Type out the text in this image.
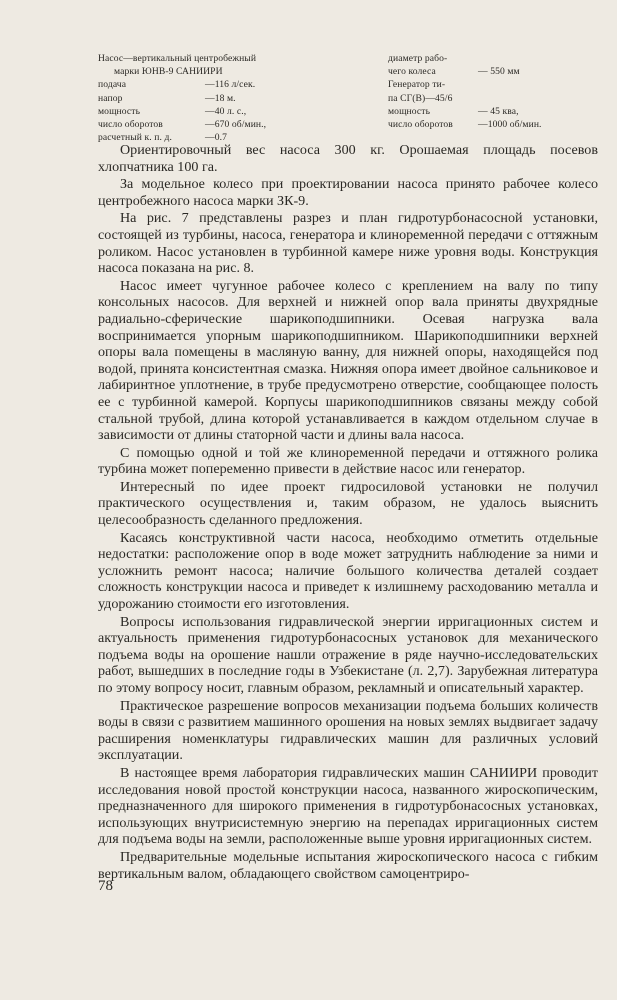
Насос—вертикальный центробежный
марки ЮНВ-9 САНИИРИ
подача	—116 л/сек.
напор	—18 м.
мощность	—40 л. с.,
число оборотов	—670 об/мин.,
расчетный к. п. д.	—0.7
диаметр рабо-
чего колеса	— 550 мм
Генератор ти-
па СГ(В)—45/6
мощность	— 45 ква,
число оборотов	—1000 об/мин.

Ориентировочный вес насоса 300 кг. Орошаемая площадь посевов хлопчатника 100 га.

За модельное колесо при проектировании насоса принято рабочее колесо центробежного насоса марки ЗК-9.

На рис. 7 представлены разрез и план гидротурбонасосной установки, состоящей из турбины, насоса, генератора и клиноременной передачи с оттяжным роликом. Насос установлен в турбинной камере ниже уровня воды. Конструкция насоса показана на рис. 8.

Насос имеет чугунное рабочее колесо с креплением на валу по типу консольных насосов. Для верхней и нижней опор вала приняты двухрядные радиально-сферические шарикоподшипники. Осевая нагрузка вала воспринимается упорным шарикоподшипником. Шарикоподшипники верхней опоры вала помещены в масляную ванну, для нижней опоры, находящейся под водой, принята консистентная смазка. Нижняя опора имеет двойное сальниковое и лабиринтное уплотнение, в трубе предусмотрено отверстие, сообщающее полость ее с турбинной камерой. Корпусы шарикоподшипников связаны между собой стальной трубой, длина которой устанавливается в каждом отдельном случае в зависимости от длины статорной части и длины вала насоса.

С помощью одной и той же клиноременной передачи и оттяжного ролика турбина может попеременно привести в действие насос или генератор.

Интересный по идее проект гидросиловой установки не получил практического осуществления и, таким образом, не удалось выяснить целесообразность сделанного предложения.

Касаясь конструктивной части насоса, необходимо отметить отдельные недостатки: расположение опор в воде может затруднить наблюдение за ними и усложнить ремонт насоса; наличие большого количества деталей создает сложность конструкции насоса и приведет к излишнему расходованию металла и удорожанию стоимости его изготовления.

Вопросы использования гидравлической энергии ирригационных систем и актуальность применения гидротурбонасосных установок для механического подъема воды на орошение нашли отражение в ряде научно-исследовательских работ, вышедших в последние годы в Узбекистане (л. 2,7). Зарубежная литература по этому вопросу носит, главным образом, рекламный и описательный характер.

Практическое разрешение вопросов механизации подъема больших количеств воды в связи с развитием машинного орошения на новых землях выдвигает задачу расширения номенклатуры гидравлических машин для различных условий эксплуатации.

В настоящее время лаборатория гидравлических машин САНИИРИ проводит исследования новой простой конструкции насоса, названного жироскопическим, предназначенного для широкого применения в гидротурбонасосных установках, использующих внутрисистемную энергию на перепадах ирригационных систем для подъема воды на земли, расположенные выше уровня ирригационных систем.

Предварительные модельные испытания жироскопического насоса с гибким вертикальным валом, обладающего свойством самоцентриро-

78
